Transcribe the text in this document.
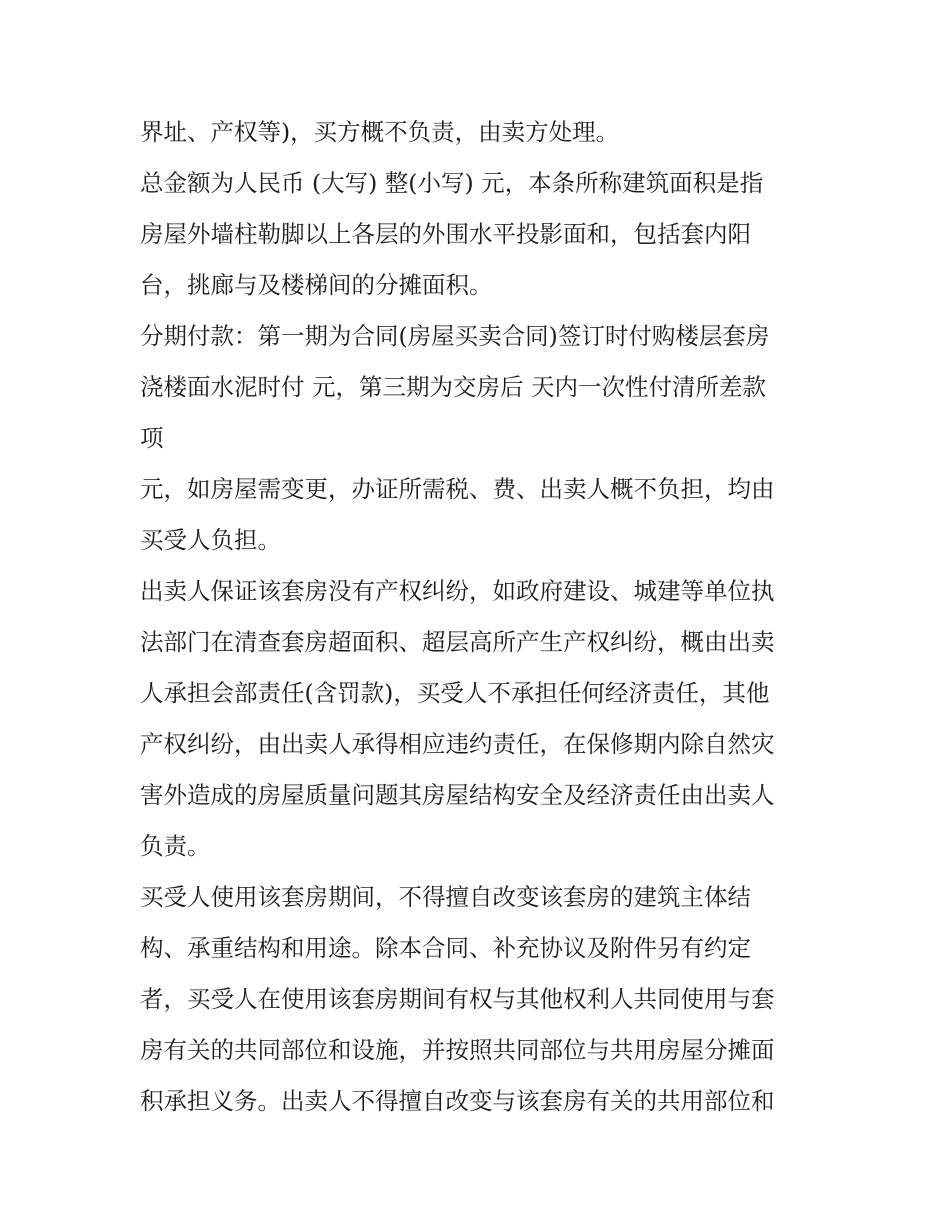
界址、产权等)，买方概不负责，由卖方处理。
总金额为人民币 (大写) 整(小写) 元，本条所称建筑面积是指
房屋外墙柱勒脚以上各层的外围水平投影面和，包括套内阳
台，挑廊与及楼梯间的分摊面积。
分期付款：第一期为合同(房屋买卖合同)签订时付购楼层套房
浇楼面水泥时付 元，第三期为交房后 天内一次性付清所差款
项
元，如房屋需变更，办证所需税、费、出卖人概不负担，均由
买受人负担。
出卖人保证该套房没有产权纠纷，如政府建设、城建等单位执
法部门在清查套房超面积、超层高所产生产权纠纷，概由出卖
人承担会部责任(含罚款)，买受人不承担任何经济责任，其他
产权纠纷，由出卖人承得相应违约责任，在保修期内除自然灾
害外造成的房屋质量问题其房屋结构安全及经济责任由出卖人
负责。
买受人使用该套房期间，不得擅自改变该套房的建筑主体结
构、承重结构和用途。除本合同、补充协议及附件另有约定
者，买受人在使用该套房期间有权与其他权利人共同使用与套
房有关的共同部位和设施，并按照共同部位与共用房屋分摊面
积承担义务。出卖人不得擅自改变与该套房有关的共用部位和
